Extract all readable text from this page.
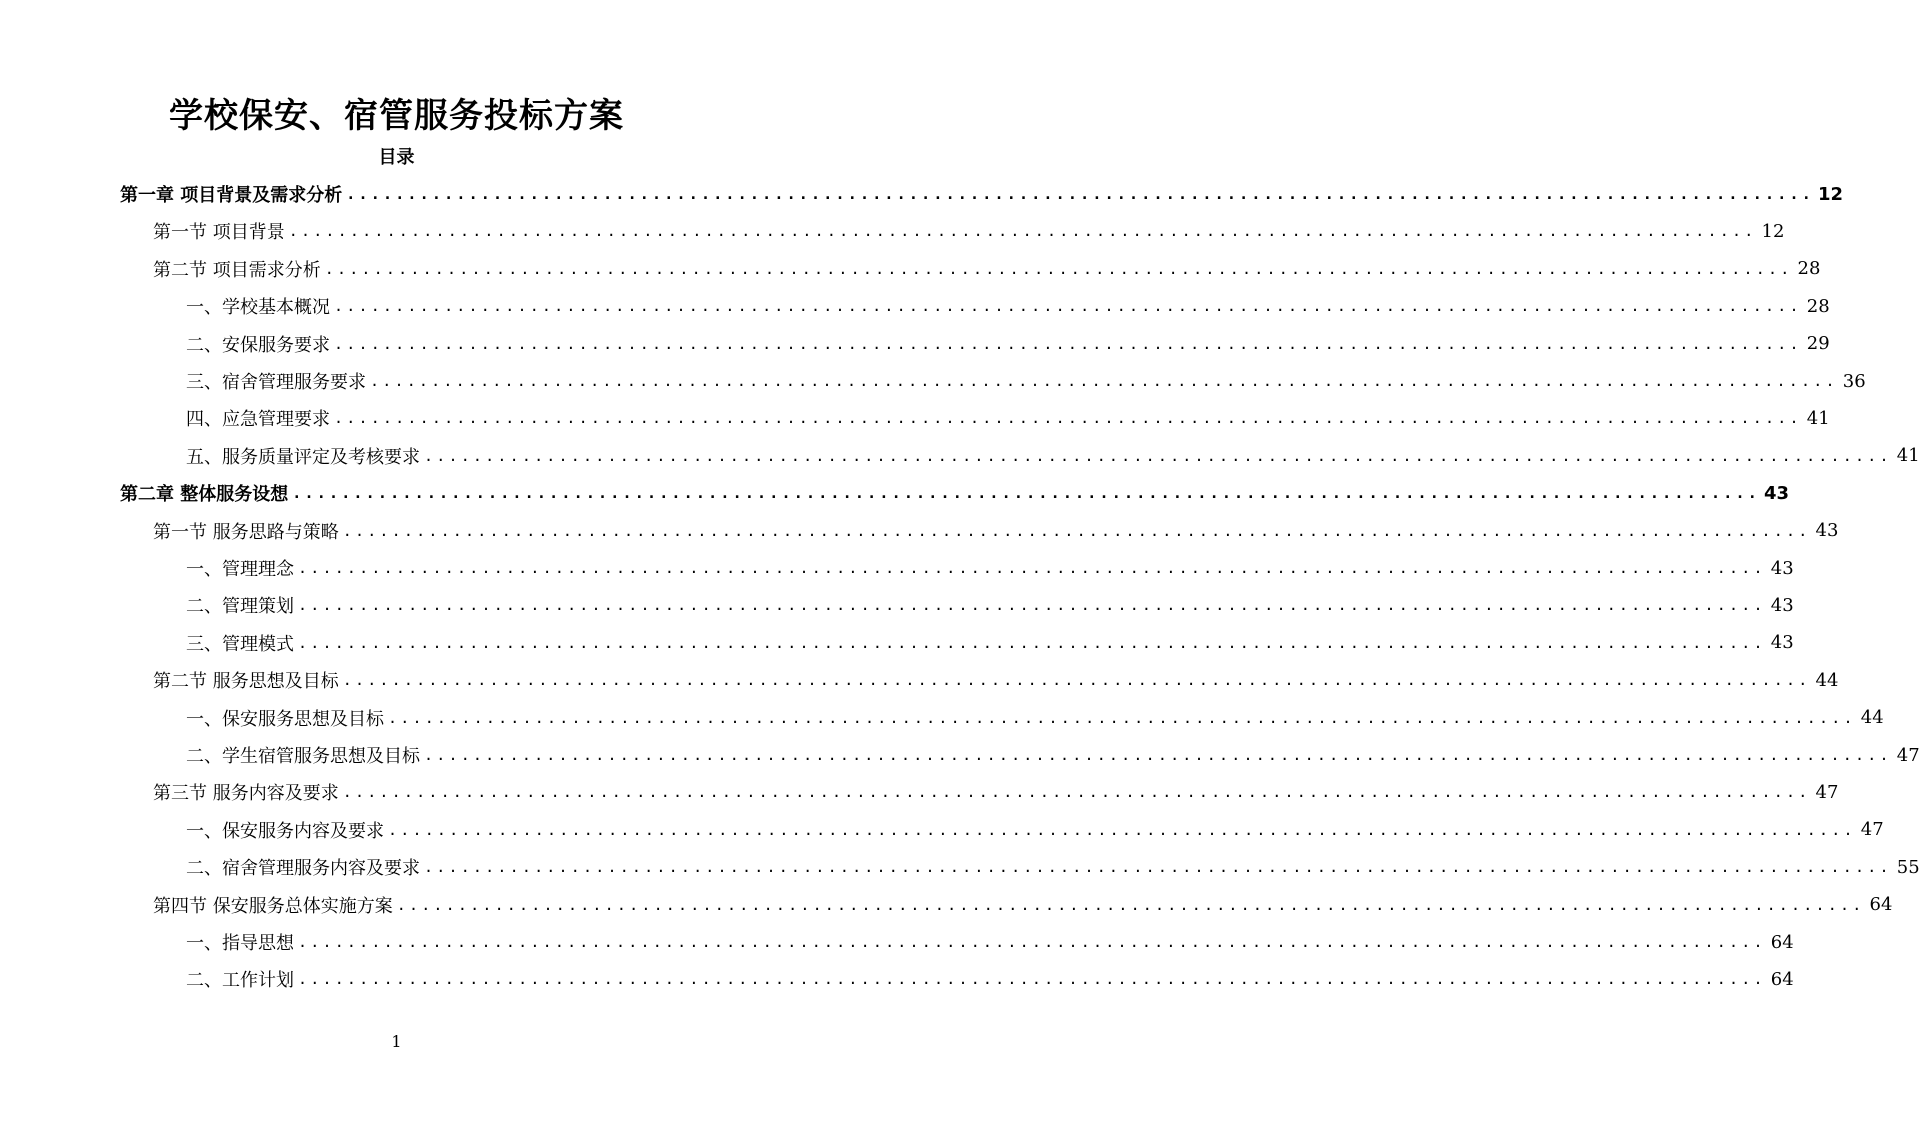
学校保安、宿管服务投标方案
目录
第一章 项目背景及需求分析 ........................................................................................................................ 12
第一节 项目背景 ........................................................................................................................ 12
第二节 项目需求分析 ........................................................................................................................ 28
一、学校基本概况 ........................................................................................................................ 28
二、安保服务要求 ........................................................................................................................ 29
三、宿舍管理服务要求 ........................................................................................................................ 36
四、应急管理要求 ........................................................................................................................ 41
五、服务质量评定及考核要求 ........................................................................................................................ 41
第二章 整体服务设想 ........................................................................................................................ 43
第一节 服务思路与策略 ........................................................................................................................ 43
一、管理理念 ........................................................................................................................ 43
二、管理策划 ........................................................................................................................ 43
三、管理模式 ........................................................................................................................ 43
第二节 服务思想及目标 ........................................................................................................................ 44
一、保安服务思想及目标 ........................................................................................................................ 44
二、学生宿管服务思想及目标 ........................................................................................................................ 47
第三节 服务内容及要求 ........................................................................................................................ 47
一、保安服务内容及要求 ........................................................................................................................ 47
二、宿舍管理服务内容及要求 ........................................................................................................................ 55
第四节 保安服务总体实施方案 ........................................................................................................................ 64
一、指导思想 ........................................................................................................................ 64
二、工作计划 ........................................................................................................................ 64
1
